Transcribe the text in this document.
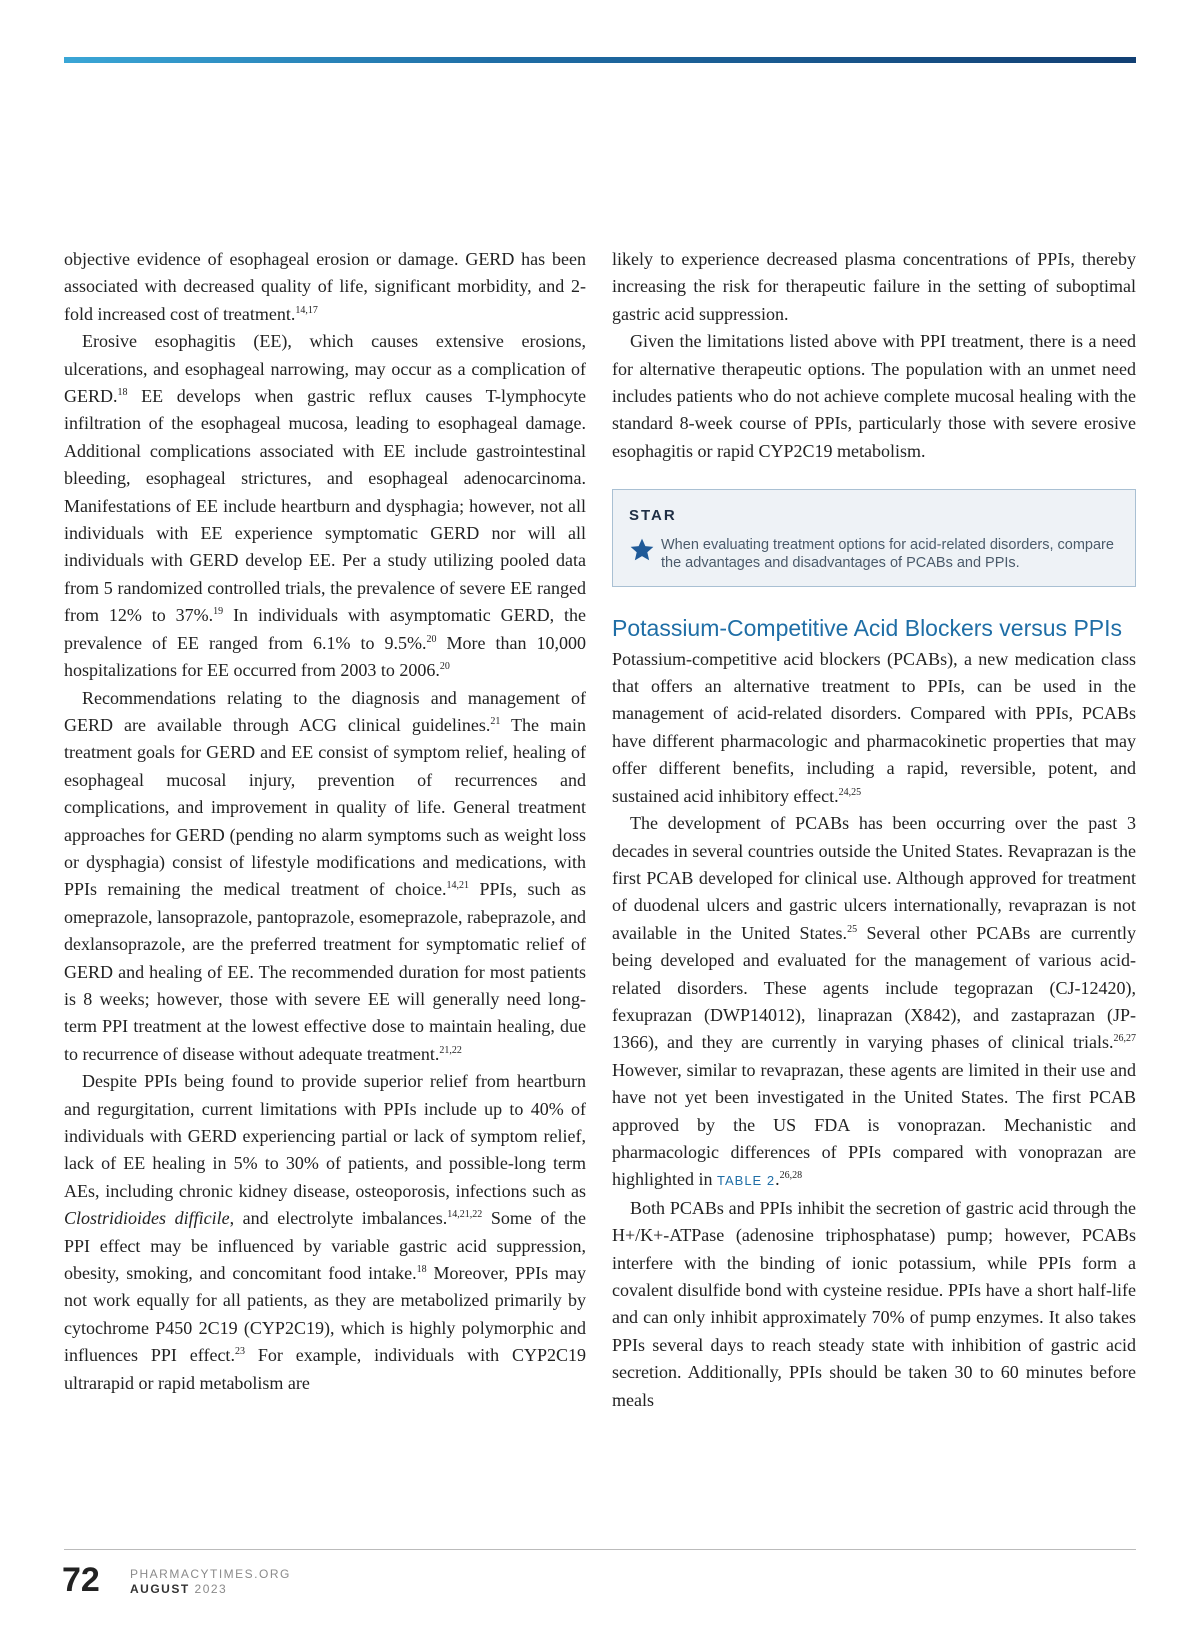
objective evidence of esophageal erosion or damage. GERD has been associated with decreased quality of life, significant morbidity, and 2-fold increased cost of treatment.$^{14,17}$

Erosive esophagitis (EE), which causes extensive erosions, ulcerations, and esophageal narrowing, may occur as a complication of GERD.$^{18}$ EE develops when gastric reflux causes T-lymphocyte infiltration of the esophageal mucosa, leading to esophageal damage. Additional complications associated with EE include gastrointestinal bleeding, esophageal strictures, and esophageal adenocarcinoma. Manifestations of EE include heartburn and dysphagia; however, not all individuals with EE experience symptomatic GERD nor will all individuals with GERD develop EE. Per a study utilizing pooled data from 5 randomized controlled trials, the prevalence of severe EE ranged from 12% to 37%.$^{19}$ In individuals with asymptomatic GERD, the prevalence of EE ranged from 6.1% to 9.5%.$^{20}$ More than 10,000 hospitalizations for EE occurred from 2003 to 2006.20

Recommendations relating to the diagnosis and management of GERD are available through ACG clinical guidelines.$^{21}$ The main treatment goals for GERD and EE consist of symptom relief, healing of esophageal mucosal injury, prevention of recurrences and complications, and improvement in quality of life. General treatment approaches for GERD (pending no alarm symptoms such as weight loss or dysphagia) consist of lifestyle modifications and medications, with PPIs remaining the medical treatment of choice.$^{14,21}$ PPIs, such as omeprazole, lansoprazole, pantoprazole, esomeprazole, rabeprazole, and dexlansoprazole, are the preferred treatment for symptomatic relief of GERD and healing of EE. The recommended duration for most patients is 8 weeks; however, those with severe EE will generally need long-term PPI treatment at the lowest effective dose to maintain healing, due to recurrence of disease without adequate treatment.$^{21,22}$

Despite PPIs being found to provide superior relief from heartburn and regurgitation, current limitations with PPIs include up to 40% of individuals with GERD experiencing partial or lack of symptom relief, lack of EE healing in 5% to 30% of patients, and possible-long term AEs, including chronic kidney disease, osteoporosis, infections such as Clostridioides difficile, and electrolyte imbalances.$^{14,21,22}$ Some of the PPI effect may be influenced by variable gastric acid suppression, obesity, smoking, and concomitant food intake.$^{18}$ Moreover, PPIs may not work equally for all patients, as they are metabolized primarily by cytochrome P450 2C19 (CYP2C19), which is highly polymorphic and influences PPI effect.$^{23}$ For example, individuals with CYP2C19 ultrarapid or rapid metabolism are

likely to experience decreased plasma concentrations of PPIs, thereby increasing the risk for therapeutic failure in the setting of suboptimal gastric acid suppression.

Given the limitations listed above with PPI treatment, there is a need for alternative therapeutic options. The population with an unmet need includes patients who do not achieve complete mucosal healing with the standard 8-week course of PPIs, particularly those with severe erosive esophagitis or rapid CYP2C19 metabolism.

STAR
When evaluating treatment options for acid-related disorders, compare the advantages and disadvantages of PCABs and PPIs.
Potassium-Competitive Acid Blockers versus PPIs

Potassium-competitive acid blockers (PCABs), a new medication class that offers an alternative treatment to PPIs, can be used in the management of acid-related disorders. Compared with PPIs, PCABs have different pharmacologic and pharmacokinetic properties that may offer different benefits, including a rapid, reversible, potent, and sustained acid inhibitory effect.$^{24,25}$

The development of PCABs has been occurring over the past 3 decades in several countries outside the United States. Revaprazan is the first PCAB developed for clinical use. Although approved for treatment of duodenal ulcers and gastric ulcers internationally, revaprazan is not available in the United States.$^{25}$ Several other PCABs are currently being developed and evaluated for the management of various acid-related disorders. These agents include tegoprazan (CJ-12420), fexuprazan (DWP14012), linaprazan (X842), and zastaprazan (JP-1366), and they are currently in varying phases of clinical trials.$^{26,27}$ However, similar to revaprazan, these agents are limited in their use and have not yet been investigated in the United States. The first PCAB approved by the US FDA is vonoprazan. Mechanistic and pharmacologic differences of PPIs compared with vonoprazan are highlighted in TABLE 2.$^{26,28}$

Both PCABs and PPIs inhibit the secretion of gastric acid through the H+/K+-ATPase (adenosine triphosphatase) pump; however, PCABs interfere with the binding of ionic potassium, while PPIs form a covalent disulfide bond with cysteine residue. PPIs have a short half-life and can only inhibit approximately 70% of pump enzymes. It also takes PPIs several days to reach steady state with inhibition of gastric acid secretion. Additionally, PPIs should be taken 30 to 60 minutes before meals

72	PHARMACYTIMES.ORG
AUGUST 2023
